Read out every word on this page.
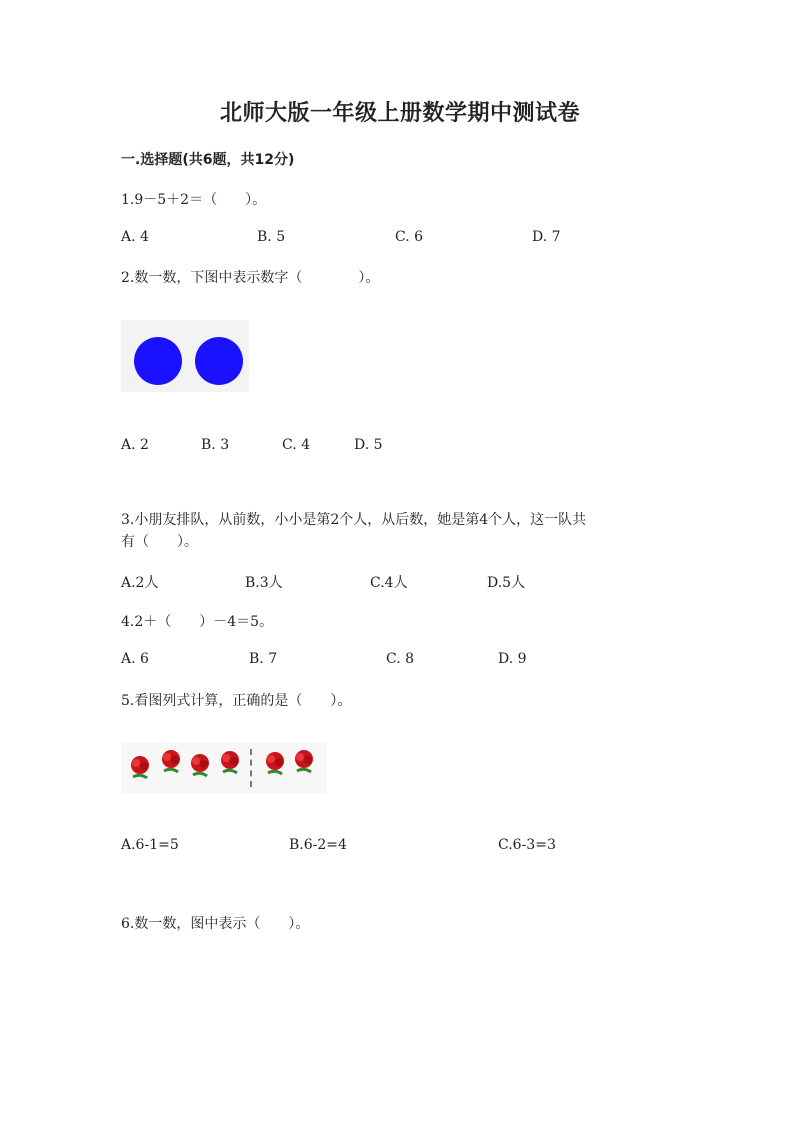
北师大版一年级上册数学期中测试卷
一.选择题(共6题，共12分)
1.9－5＋2＝（　　）。
A. 4	B. 5	C. 6	D. 7
2.数一数，下图中表示数字（　　　　）。
A. 2	B. 3	C. 4	D. 5
3.小朋友排队，从前数，小小是第2个人，从后数，她是第4个人，这一队共
有（　　）。
A.2人	B.3人	C.4人	D.5人
4.2＋（　　）－4＝5。
A. 6	B. 7	C. 8	D. 9
5.看图列式计算，正确的是（　　）。
A.6-1=5	B.6-2=4	C.6-3=3
6.数一数，图中表示（　　）。
